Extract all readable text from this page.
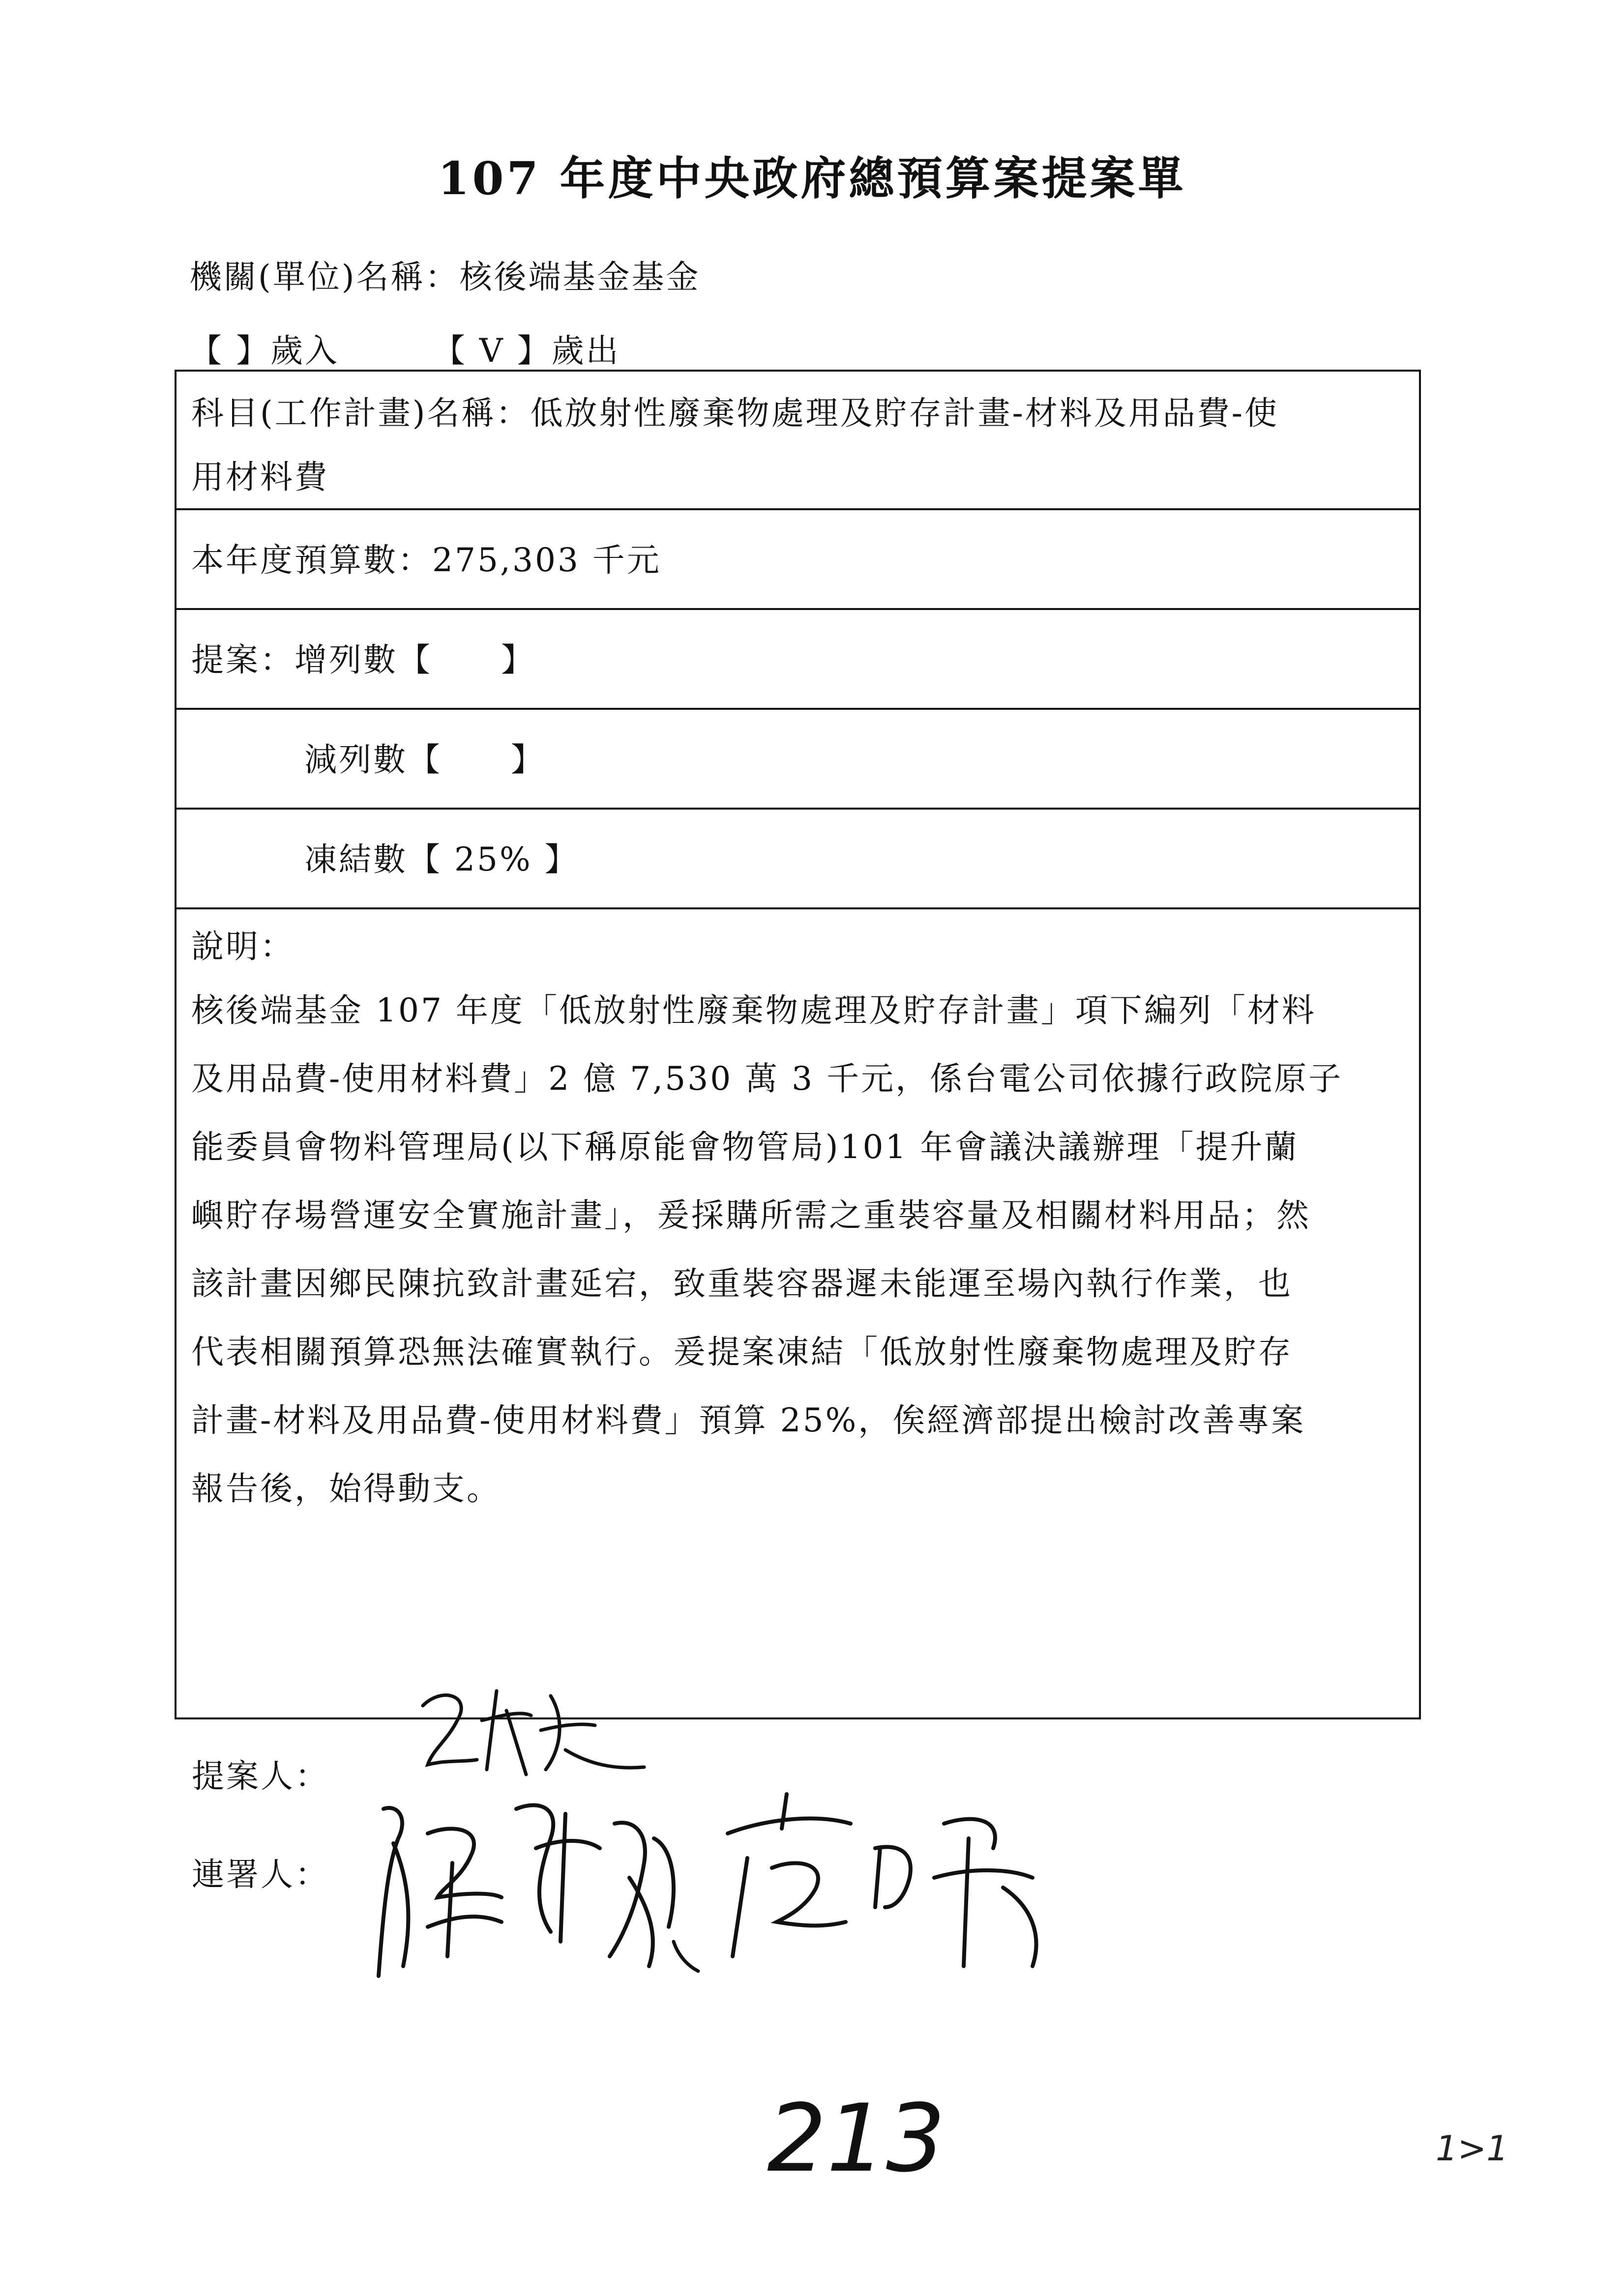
107 年度中央政府總預算案提案單
機關(單位)名稱：核後端基金基金
【 】歲入	【 V 】歲出
科目(工作計畫)名稱：低放射性廢棄物處理及貯存計畫-材料及用品費-使
用材料費
本年度預算數：275,303 千元
提案：增列數【　　】
減列數【　　】
凍結數【 25% 】
說明：
核後端基金 107 年度「低放射性廢棄物處理及貯存計畫」項下編列「材料
及用品費-使用材料費」2 億 7,530 萬 3 千元，係台電公司依據行政院原子
能委員會物料管理局(以下稱原能會物管局)101 年會議決議辦理「提升蘭
嶼貯存場營運安全實施計畫」，爰採購所需之重裝容量及相關材料用品；然
該計畫因鄉民陳抗致計畫延宕，致重裝容器遲未能運至場內執行作業，也
代表相關預算恐無法確實執行。爰提案凍結「低放射性廢棄物處理及貯存
計畫-材料及用品費-使用材料費」預算 25%，俟經濟部提出檢討改善專案
報告後，始得動支。
提案人：
連署人：
213	1>1
